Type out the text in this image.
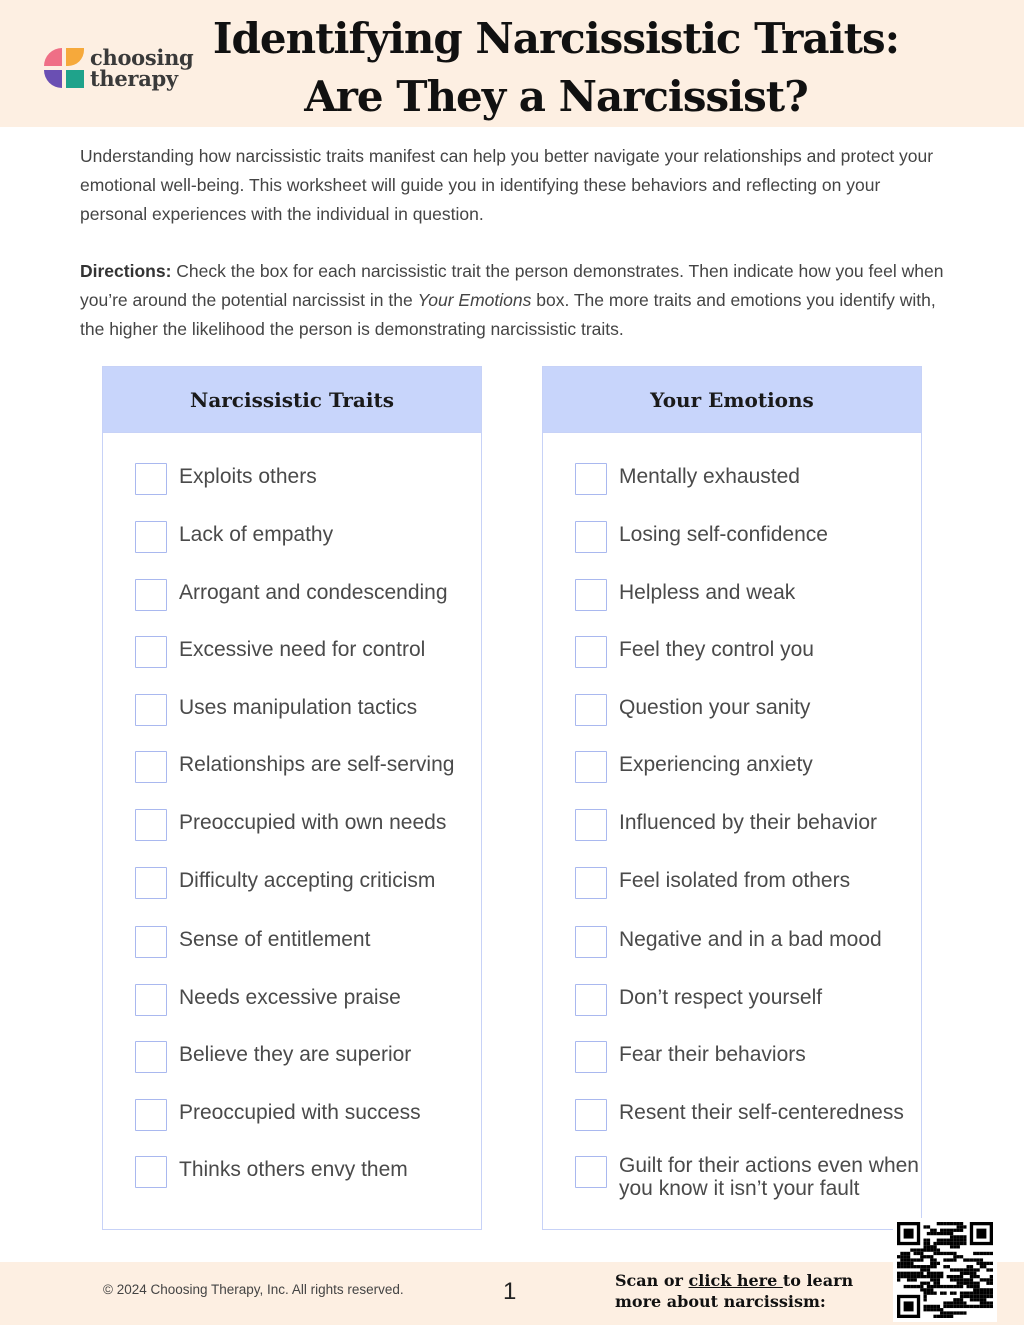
choosing
therapy
Identifying Narcissistic Traits:
Are They a Narcissist?

Understanding how narcissistic traits manifest can help you better navigate your relationships and protect your emotional well-being. This worksheet will guide you in identifying these behaviors and reflecting on your personal experiences with the individual in question.

Directions: Check the box for each narcissistic trait the person demonstrates. Then indicate how you feel when you’re around the potential narcissist in the Your Emotions box. The more traits and emotions you identify with, the higher the likelihood the person is demonstrating narcissistic traits.

Narcissistic Traits
Exploits others
Lack of empathy
Arrogant and condescending
Excessive need for control
Uses manipulation tactics
Relationships are self-serving
Preoccupied with own needs
Difficulty accepting criticism
Sense of entitlement
Needs excessive praise
Believe they are superior
Preoccupied with success
Thinks others envy them
Your Emotions
Mentally exhausted
Losing self-confidence
Helpless and weak
Feel they control you
Question your sanity
Experiencing anxiety
Influenced by their behavior
Feel isolated from others
Negative and in a bad mood
Don’t respect yourself
Fear their behaviors
Resent their self-centeredness
Guilt for their actions even when you know it isn’t your fault
© 2024 Choosing Therapy, Inc. All rights reserved.	1	Scan or click here to learn more about narcissism:
